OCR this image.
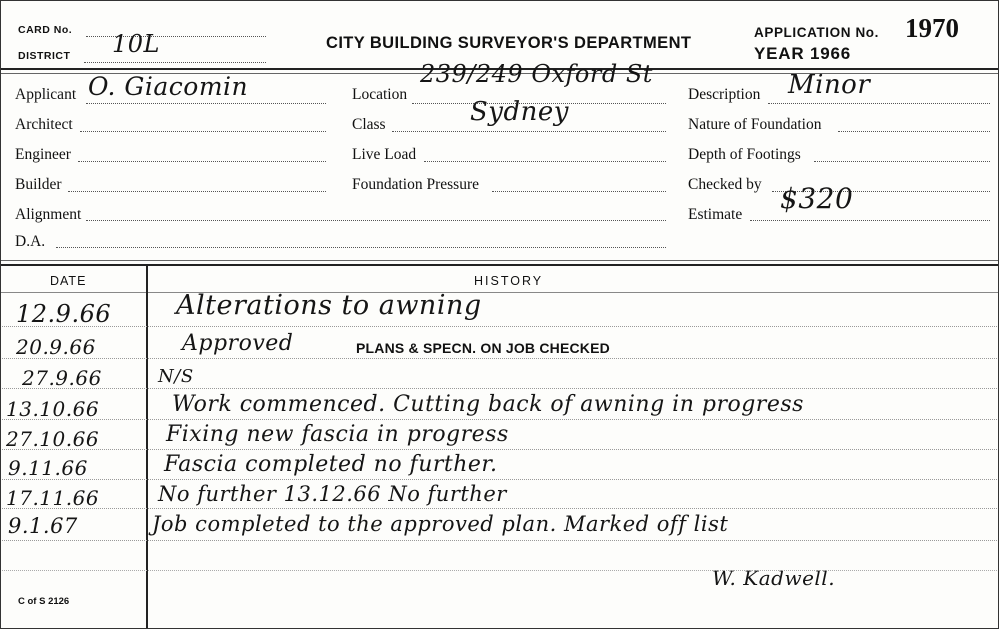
CARD No.
DISTRICT 10L	CITY BUILDING SURVEYOR'S DEPARTMENT
APPLICATION No. 1970
YEAR 1966
Applicant O. Giacomin
Architect
Engineer
Builder
Alignment
D.A.
Location
239/249 Oxford St
Sydney
Class
Live Load
Foundation Pressure
Description Minor
Nature of Foundation
Depth of Footings
Checked by
Estimate $320
DATE	HISTORY
12.9.66 Alterations to awning
20.9.66	Approved	PLANS & SPECN. ON JOB CHECKED
27.9.66	N/S
13.10.66	Work commenced. Cutting back of awning in progress
27.10.66	Fixing new fascia in progress
9.11.66	Fascia completed no further.
17.11.66	No further 13.12.66 No further
9.1.67	Job completed to the approved plan. Marked off list
W. Kadwell.
C of S 2126
